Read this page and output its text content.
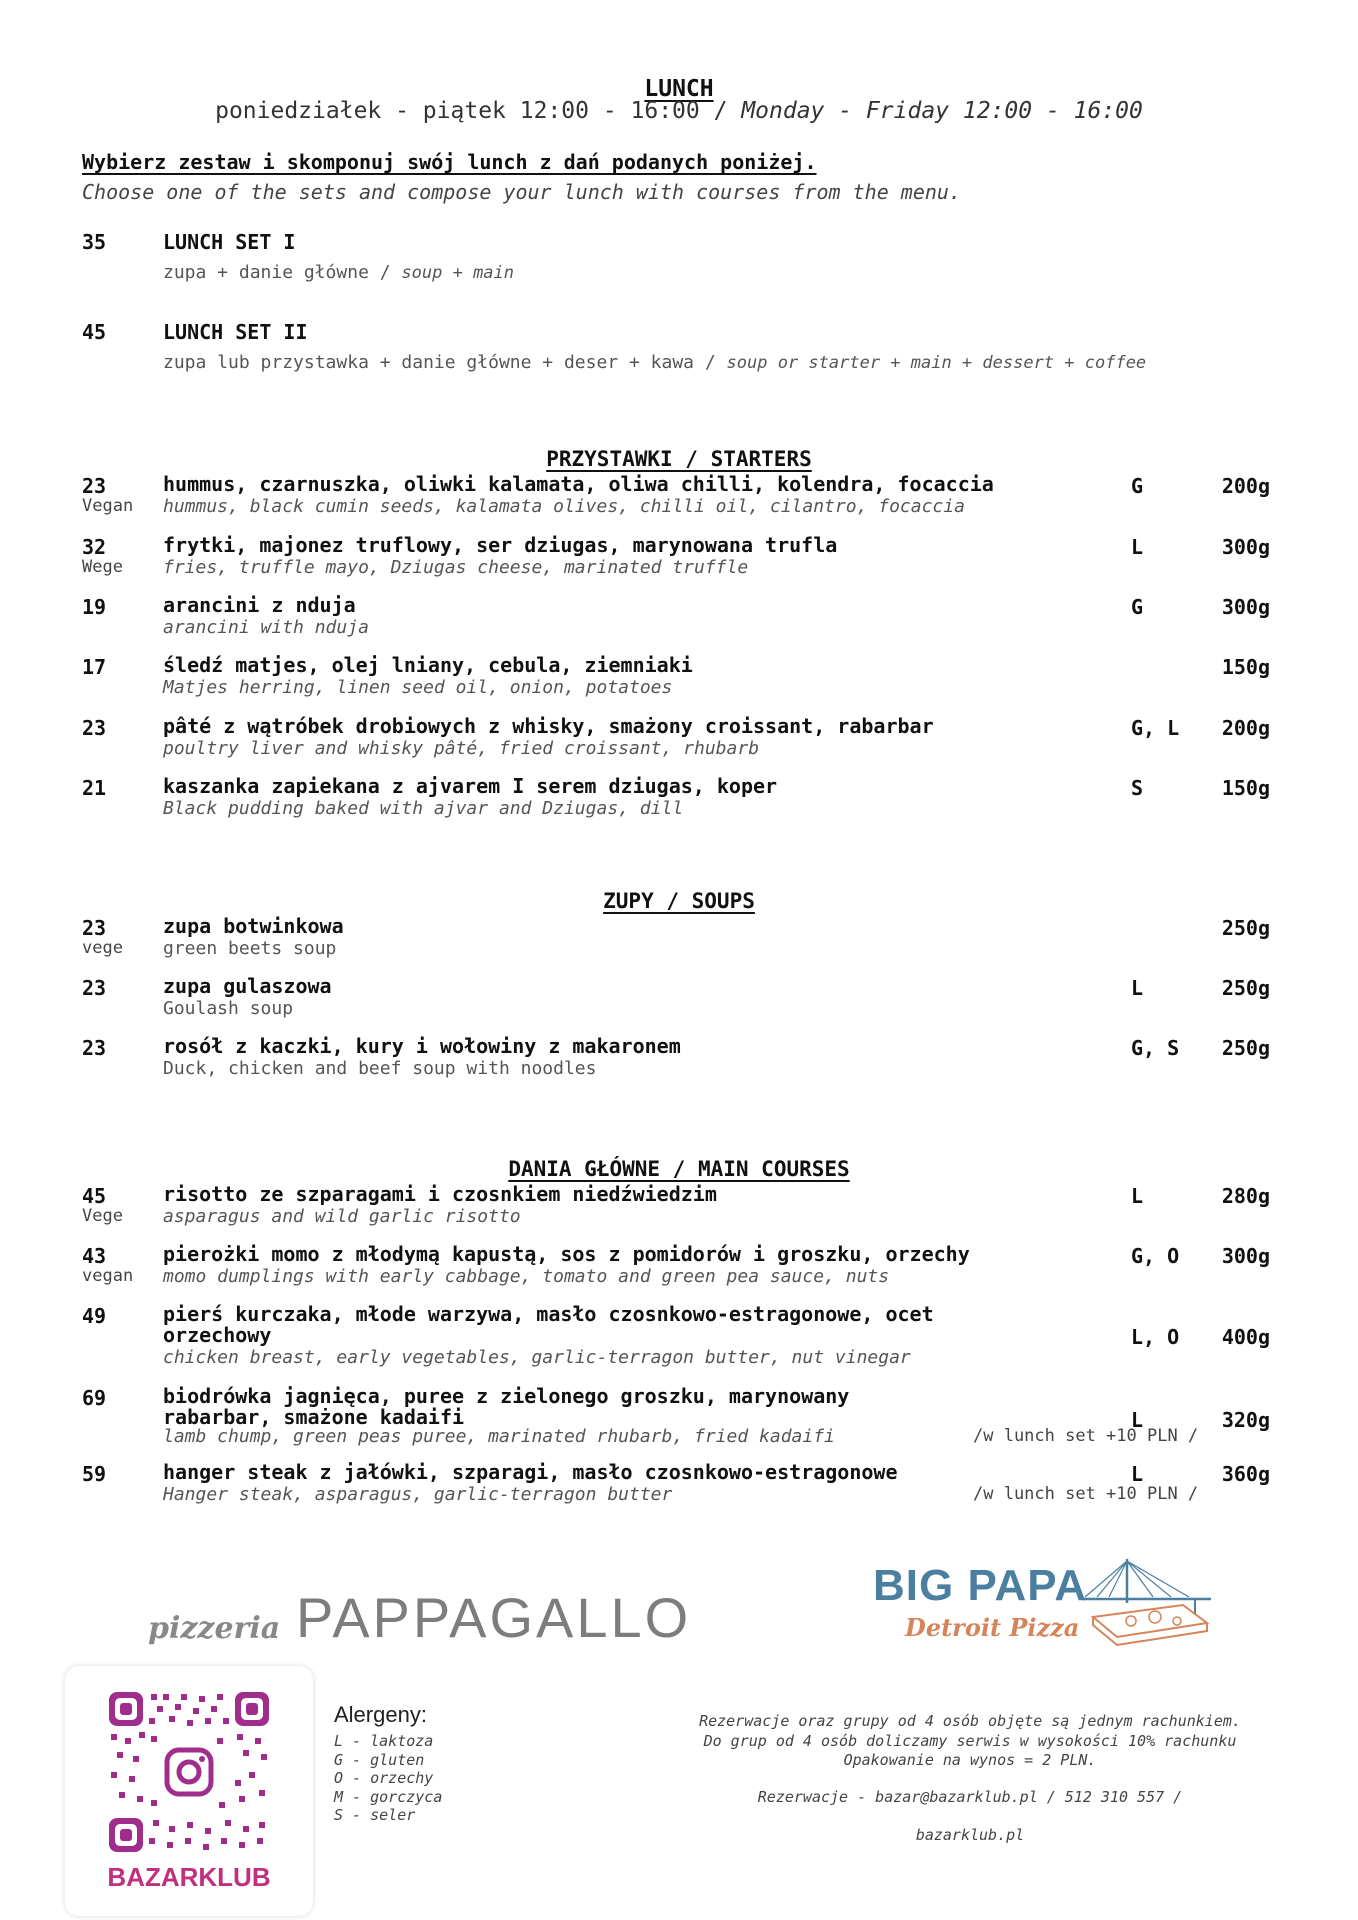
LUNCH
poniedziałek - piątek 12:00 - 16:00 / Monday - Friday 12:00 - 16:00
Wybierz zestaw i skomponuj swój lunch z dań podanych poniżej.
Choose one of the sets and compose your lunch with courses from the menu.
35	LUNCH SET I
zupa + danie główne / soup + main
45	LUNCH SET II
zupa lub przystawka + danie główne + deser + kawa / soup or starter + main + dessert + coffee
PRZYSTAWKI / STARTERS
23
Vegan
hummus, czarnuszka, oliwki kalamata, oliwa chilli, kolendra, focaccia
hummus, black cumin seeds, kalamata olives, chilli oil, cilantro, focaccia
G	200g
32
Wege
frytki, majonez truflowy, ser dziugas, marynowana trufla
fries, truffle mayo, Dziugas cheese, marinated truffle
L	300g
19	arancini z nduja
arancini with nduja
G	300g
17	śledź matjes, olej lniany, cebula, ziemniaki
Matjes herring, linen seed oil, onion, potatoes
150g
23	pâté z wątróbek drobiowych z whisky, smażony croissant, rabarbar
poultry liver and whisky pâté, fried croissant, rhubarb
G, L 200g
21	kaszanka zapiekana z ajvarem I serem dziugas, koper
Black pudding baked with ajvar and Dziugas, dill
S	150g
ZUPY / SOUPS
23
vege
zupa botwinkowa
green beets soup
250g
23	zupa gulaszowa
Goulash soup
L	250g
23	rosół z kaczki, kury i wołowiny z makaronem
Duck, chicken and beef soup with noodles
G, S 250g
DANIA GŁÓWNE / MAIN COURSES
45
Vege
risotto ze szparagami i czosnkiem niedźwiedzim
asparagus and wild garlic risotto
L	280g
43
vegan
pierożki momo z młodymą kapustą, sos z pomidorów i groszku, orzechy
momo dumplings with early cabbage, tomato and green pea sauce, nuts
G, O 300g
49	pierś kurczaka, młode warzywa, masło czosnkowo-estragonowe, ocet orzechowy
chicken breast, early vegetables, garlic-terragon butter, nut vinegar
L, O 400g
69	biodrówka jagnięca, puree z zielonego groszku, marynowany rabarbar, smażone kadaifi
lamb chump, green peas puree, marinated rhubarb, fried kadaifi	/w lunch set +10 PLN /
L	320g
59	hanger steak z jałówki, szparagi, masło czosnkowo-estragonowe
Hanger steak, asparagus, garlic-terragon butter	/w lunch set +10 PLN /
L	360g
pizzeria PAPPAGALLO
BIG PAPA
Detroit Pizza
BAZARKLUB
Alergeny:
L - laktoza
G - gluten
O - orzechy
M - gorczyca
S - seler
Rezerwacje oraz grupy od 4 osób objęte są jednym rachunkiem.
Do grup od 4 osób doliczamy serwis w wysokości 10% rachunku
Opakowanie na wynos = 2 PLN.
Rezerwacje - bazar@bazarklub.pl / 512 310 557 /
bazarklub.pl
